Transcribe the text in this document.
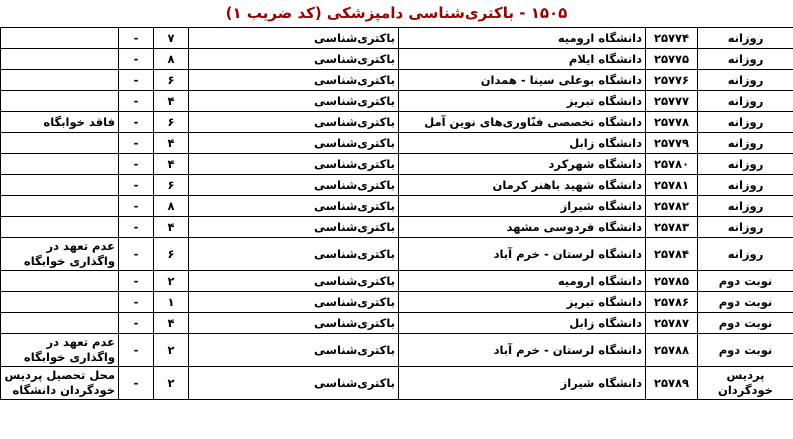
۱۵۰۵ - باکتری‌شناسی دامپزشکی (کد ضریب ۱)
روزانه	۲۵۷۷۴	دانشگاه ارومیه	باکتری‌شناسی	۷	-	
روزانه	۲۵۷۷۵	دانشگاه ایلام	باکتری‌شناسی	۸	-	
روزانه	۲۵۷۷۶	دانشگاه بوعلی سینا - همدان	باکتری‌شناسی	۶	-	
روزانه	۲۵۷۷۷	دانشگاه تبریز	باکتری‌شناسی	۴	-	
روزانه	۲۵۷۷۸	دانشگاه تخصصی فنّاوری‌های نوین آمل	باکتری‌شناسی	۶	-	فاقد خوابگاه
روزانه	۲۵۷۷۹	دانشگاه زابل	باکتری‌شناسی	۴	-	
روزانه	۲۵۷۸۰	دانشگاه شهرکرد	باکتری‌شناسی	۴	-	
روزانه	۲۵۷۸۱	دانشگاه شهید باهنر کرمان	باکتری‌شناسی	۶	-	
روزانه	۲۵۷۸۲	دانشگاه شیراز	باکتری‌شناسی	۸	-	
روزانه	۲۵۷۸۳	دانشگاه فردوسی مشهد	باکتری‌شناسی	۴	-	
روزانه	۲۵۷۸۴	دانشگاه لرستان - خرم آباد	باکتری‌شناسی	۶	-	عدم تعهد در واگذاری خوابگاه
نوبت دوم	۲۵۷۸۵	دانشگاه ارومیه	باکتری‌شناسی	۲	-	
نوبت دوم	۲۵۷۸۶	دانشگاه تبریز	باکتری‌شناسی	۱	-	
نوبت دوم	۲۵۷۸۷	دانشگاه زابل	باکتری‌شناسی	۴	-	
نوبت دوم	۲۵۷۸۸	دانشگاه لرستان - خرم آباد	باکتری‌شناسی	۲	-	عدم تعهد در واگذاری خوابگاه
پردیس خودگردان	۲۵۷۸۹	دانشگاه شیراز	باکتری‌شناسی	۲	-	محل تحصیل پردیس خودگردان دانشگاه
